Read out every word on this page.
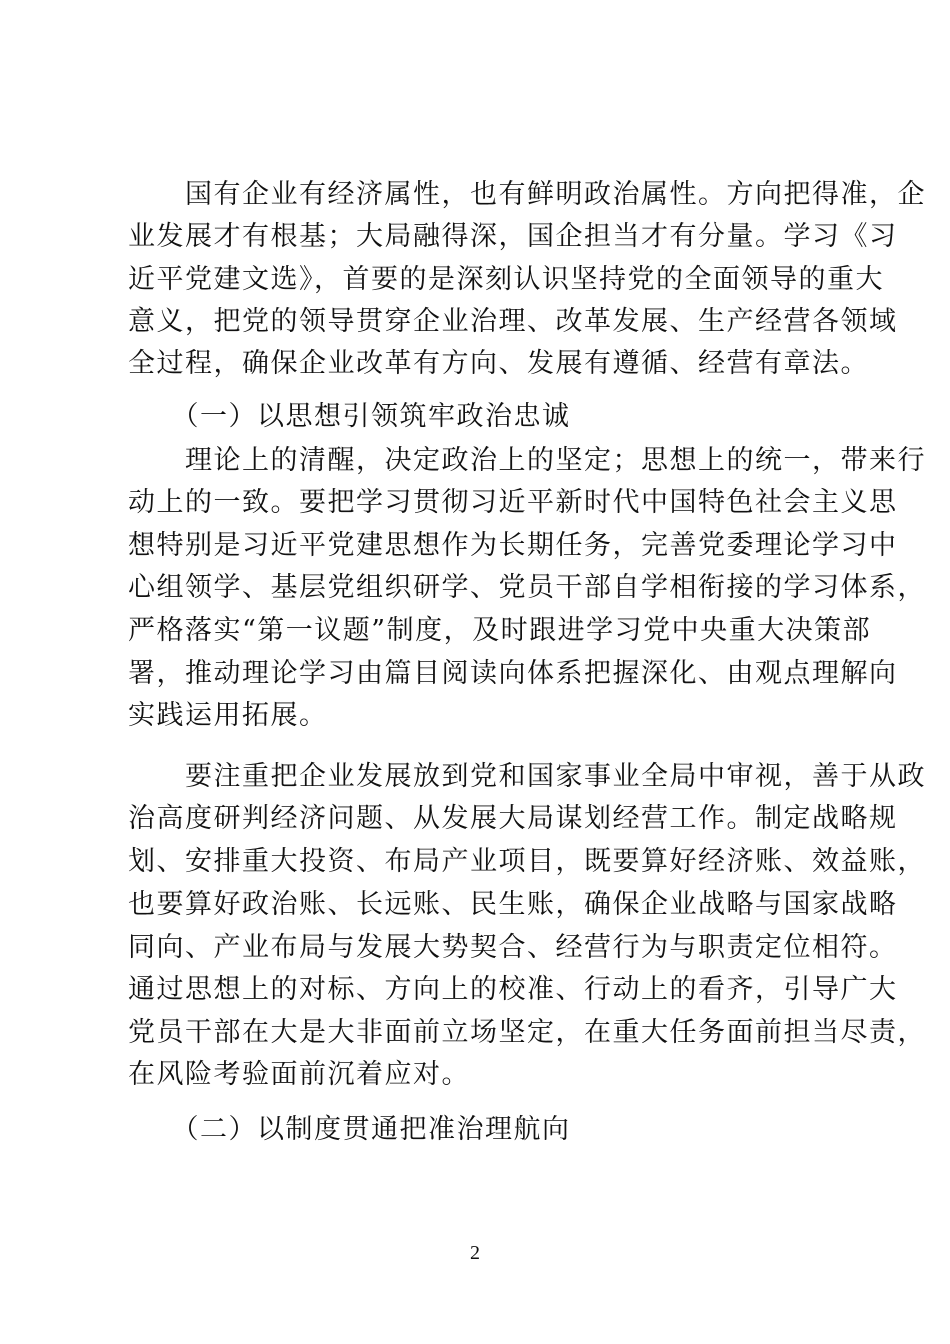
　　国有企业有经济属性，也有鲜明政治属性。方向把得准，企
业发展才有根基；大局融得深，国企担当才有分量。学习《习
近平党建文选》，首要的是深刻认识坚持党的全面领导的重大
意义，把党的领导贯穿企业治理、改革发展、生产经营各领域
全过程，确保企业改革有方向、发展有遵循、经营有章法。
　　（一）以思想引领筑牢政治忠诚
　　理论上的清醒，决定政治上的坚定；思想上的统一，带来行
动上的一致。要把学习贯彻习近平新时代中国特色社会主义思
想特别是习近平党建思想作为长期任务，完善党委理论学习中
心组领学、基层党组织研学、党员干部自学相衔接的学习体系，
严格落实“第一议题”制度，及时跟进学习党中央重大决策部
署，推动理论学习由篇目阅读向体系把握深化、由观点理解向
实践运用拓展。
　　要注重把企业发展放到党和国家事业全局中审视，善于从政
治高度研判经济问题、从发展大局谋划经营工作。制定战略规
划、安排重大投资、布局产业项目，既要算好经济账、效益账，
也要算好政治账、长远账、民生账，确保企业战略与国家战略
同向、产业布局与发展大势契合、经营行为与职责定位相符。
通过思想上的对标、方向上的校准、行动上的看齐，引导广大
党员干部在大是大非面前立场坚定，在重大任务面前担当尽责，
在风险考验面前沉着应对。
　　（二）以制度贯通把准治理航向
2
